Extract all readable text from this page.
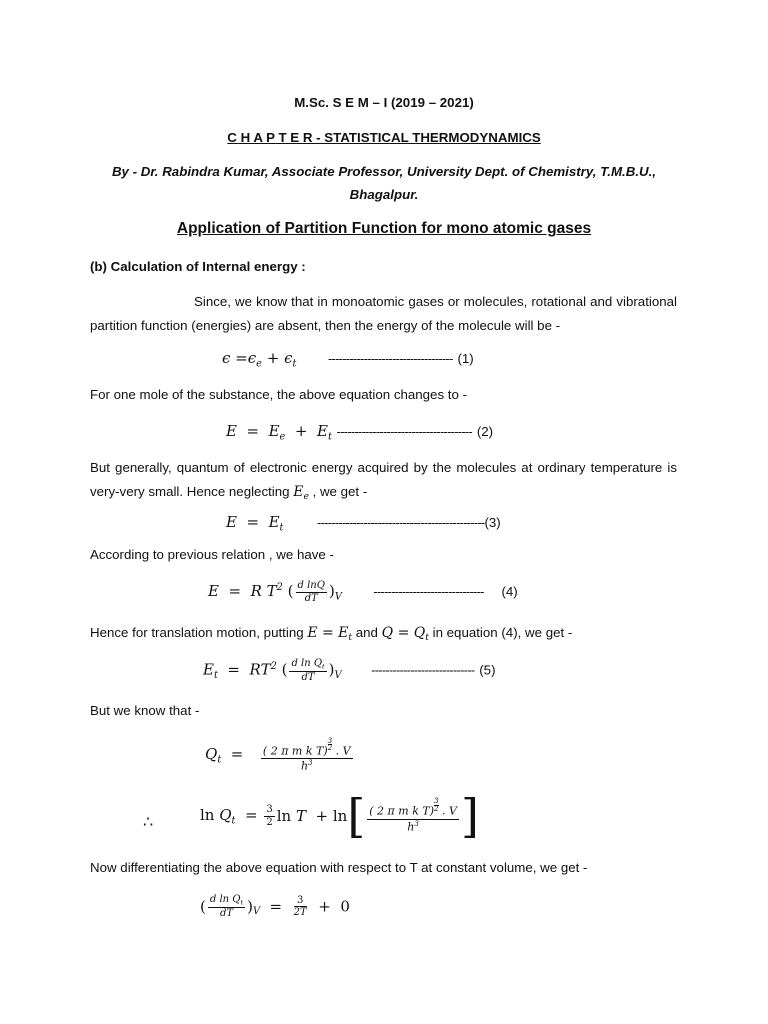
M.Sc. S E M – I (2019 – 2021)
C H A P T E R - STATISTICAL THERMODYNAMICS
By - Dr. Rabindra Kumar, Associate Professor, University Dept. of Chemistry, T.M.B.U.,
Bhagalpur.
Application of Partition Function for mono atomic gases
(b) Calculation of Internal energy :
Since, we know that in monoatomic gases or molecules, rotational and vibrational partition function (energies) are absent, then the energy of the molecule will be -
$\epsilon =\epsilon_e + \epsilon_t$	----------------------------------- (1)
For one mole of the substance, the above equation changes to -
$E = E_e + E_t$ -------------------------------------- (2)
But generally, quantum of electronic energy acquired by the molecules at ordinary temperature is very-very small. Hence neglecting $E_e$ , we get -
$E = E_t$	-----------------------------------------------(3)
According to previous relation , we have -
E  =  R $T^2$ ( $\frac{\text{d lnQ}}{dT} )_V$	------------------------------- (4)
Hence for translation motion, putting $E = E_t$ and $Q = Q_t$ in equation (4), we get -
$E_t = RT^2$ ( $\frac{d \ln Q_t}{dT} )_V$ ----------------------------- (5)
But we know that -
$Q_t$  = ( 2 π m k T) $^{\frac{3}{2}}$ . V
$h^3$
∴	$\ln Q_t = \frac{3}{2}$ ln T  + ln[ ( 2 π m k T) $^{\frac{3}{2}}$ . V
$h^3$ ]
Now differentiating the above equation with respect to T at constant volume, we get -
( $\frac{d \ln Q_t}{dT} )_V = \frac{3}{2T} + 0$
